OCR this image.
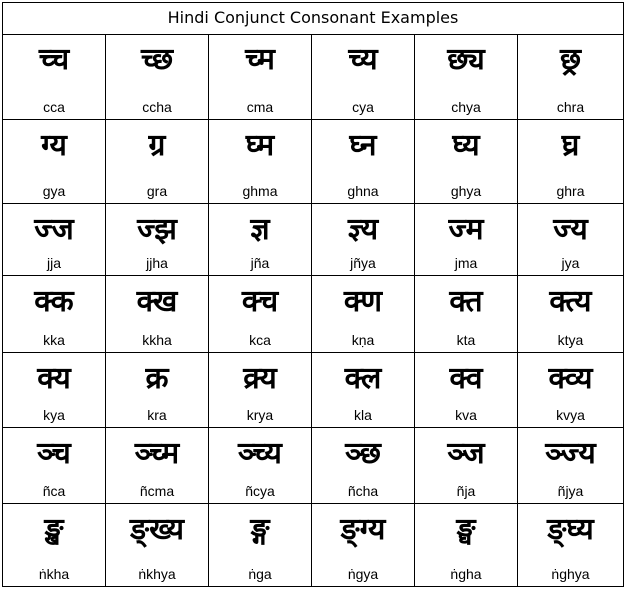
Hindi Conjunct Consonant Examples
च्च
cca
च्छ
ccha
च्म
cma
च्य
cya
छ्य
chya
छ्र
chra
ग्य
gya
ग्र
gra
घ्म
ghma
घ्न
ghna
घ्य
ghya
घ्र
ghra
ज्ज
jja
ज्झ
jjha
ज्ञ
jña
ज्ञ्य
jñya
ज्म
jma
ज्य
jya
क्क
kka
क्ख
kkha
क्च
kca
क्ण
kṇa
क्त
kta
क्त्य
ktya
क्य
kya
क्र
kra
क्र्य
krya
क्ल
kla
क्व
kva
क्व्य
kvya
ञ्च
ñca
ञ्च्म
ñcma
ञ्च्य
ñcya
ञ्छ
ñcha
ञ्ज
ñja
ञ्ज्य
ñjya
ङ्ख
ṅkha
ङ्ख्य
ṅkhya
ङ्ग
ṅga
ङ्ग्य
ṅgya
ङ्घ
ṅgha
ङ्घ्य
ṅghya
